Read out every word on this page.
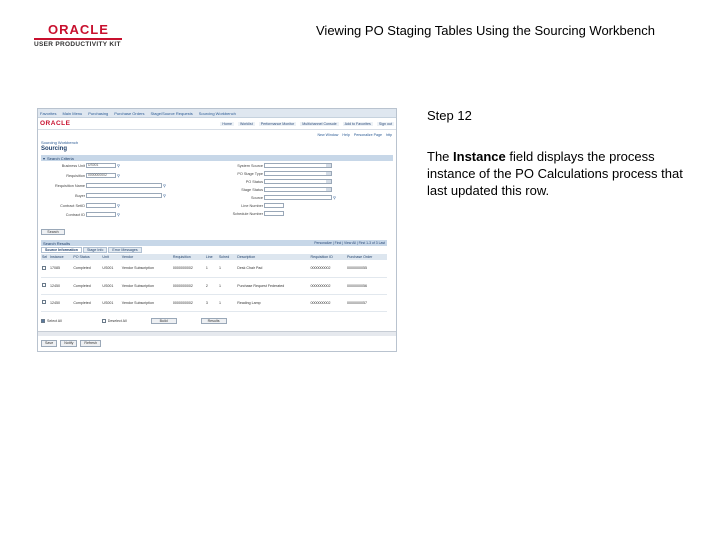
ORACLE
USER PRODUCTIVITY KIT
Viewing PO Staging Tables Using the Sourcing Workbench
Favorites Main Menu Purchasing Purchase Orders Stage/Source Requests Sourcing Workbench
ORACLE	Home	Worklist	Performance Monitor	Multichannel Console	Add to Favorites	Sign out
New Window Help Personalize Page http
Sourcing Workbench
Sourcing
▾ Search Criteria
Business Unit US001	⚲
Requisition 0000000002	⚲
Requisition Name	⚲
Buyer	⚲
Contract SetID	⚲
Contract ID	⚲
System Source
PO Stage Type
PO Status
Stage Status
Source	⚲
Line Number
Schedule Number
Search
Search Results	Personalize | Find | View All | First 1-3 of 3 Last
Source Information	Stage Info	Error Messages
Sel	Instance	PO Status	Unit	Vendor	Requisition	Line	Sched	Description	Requisition ID	Purchase Order
	17085	Completed	US001	Vendor Subscription	0000000002	1	1	Desk Chair Pad	0000000002	0000000055
	12450	Completed	US001	Vendor Subscription	0000000002	2	1	Purchase Request Federated	0000000002	0000000056
	12450	Completed	US001	Vendor Subscription	0000000002	3	1	Reading Lamp	0000000002	0000000057
Select All	Deselect All	Build	Results
Save	Notify	Refresh
Step 12
The Instance field displays the process instance of the PO Calculations process that last updated this row.
